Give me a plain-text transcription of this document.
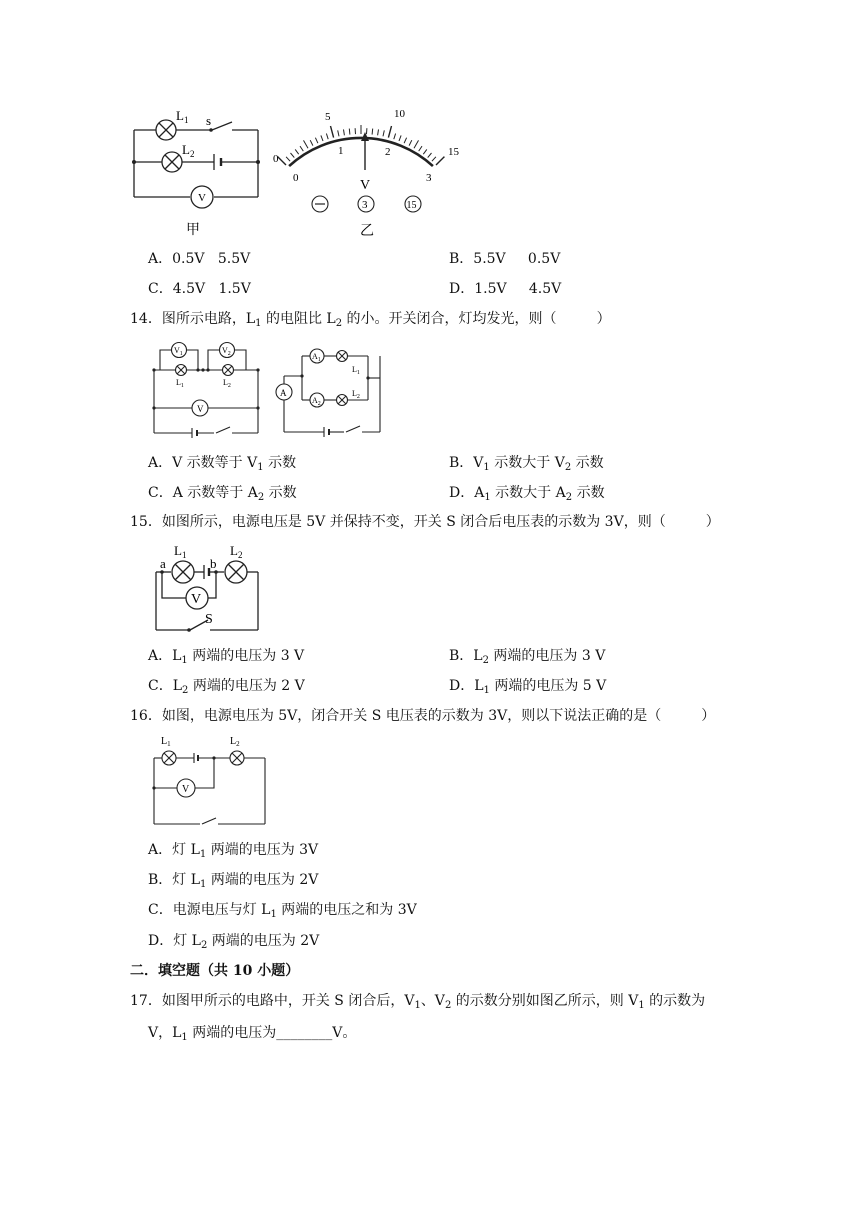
$L_1$
$L_2$
s
V
甲
0
5	10
15
0
1	2
3
V
3	15
乙
A．0.5V   5.5V	B．5.5V     0.5V
C．4.5V   1.5V	D．1.5V     4.5V
14．图所示电路，$L_1$ 的电阻比 $L_2$ 的小。开关闭合，灯均发光，则（         ）
$V_1$	$V_2$
V
$L_1$	$L_2$
A
$A_1$
$A_2$
$L_1$
$L_2$
A．V 示数等于 $V_1$ 示数	B．$V_1$ 示数大于 $V_2$ 示数
C．A 示数等于 $A_2$ 示数	D．$A_1$ 示数大于 $A_2$ 示数
15．如图所示，电源电压是 5V 并保持不变，开关 S 闭合后电压表的示数为 3V，则（         ）
a	b
$L_1$	$L_2$
V
S
A．$L_1$ 两端的电压为 3 V	B．$L_2$ 两端的电压为 3 V
C．$L_2$ 两端的电压为 2 V	D．$L_1$ 两端的电压为 5 V
16．如图，电源电压为 5V，闭合开关 S 电压表的示数为 3V，则以下说法正确的是（         ）
$L_1$	$L_2$
V
A．灯 $L_1$ 两端的电压为 3V
B．灯 $L_1$ 两端的电压为 2V
C．电源电压与灯 $L_1$ 两端的电压之和为 3V
D．灯 $L_2$ 两端的电压为 2V
二．填空题（共 10 小题）
17．如图甲所示的电路中，开关 S 闭合后，$V_1$、$V_2$ 的示数分别如图乙所示，则 $V_1$ 的示数为
V，$L_1$ 两端的电压为________V。
